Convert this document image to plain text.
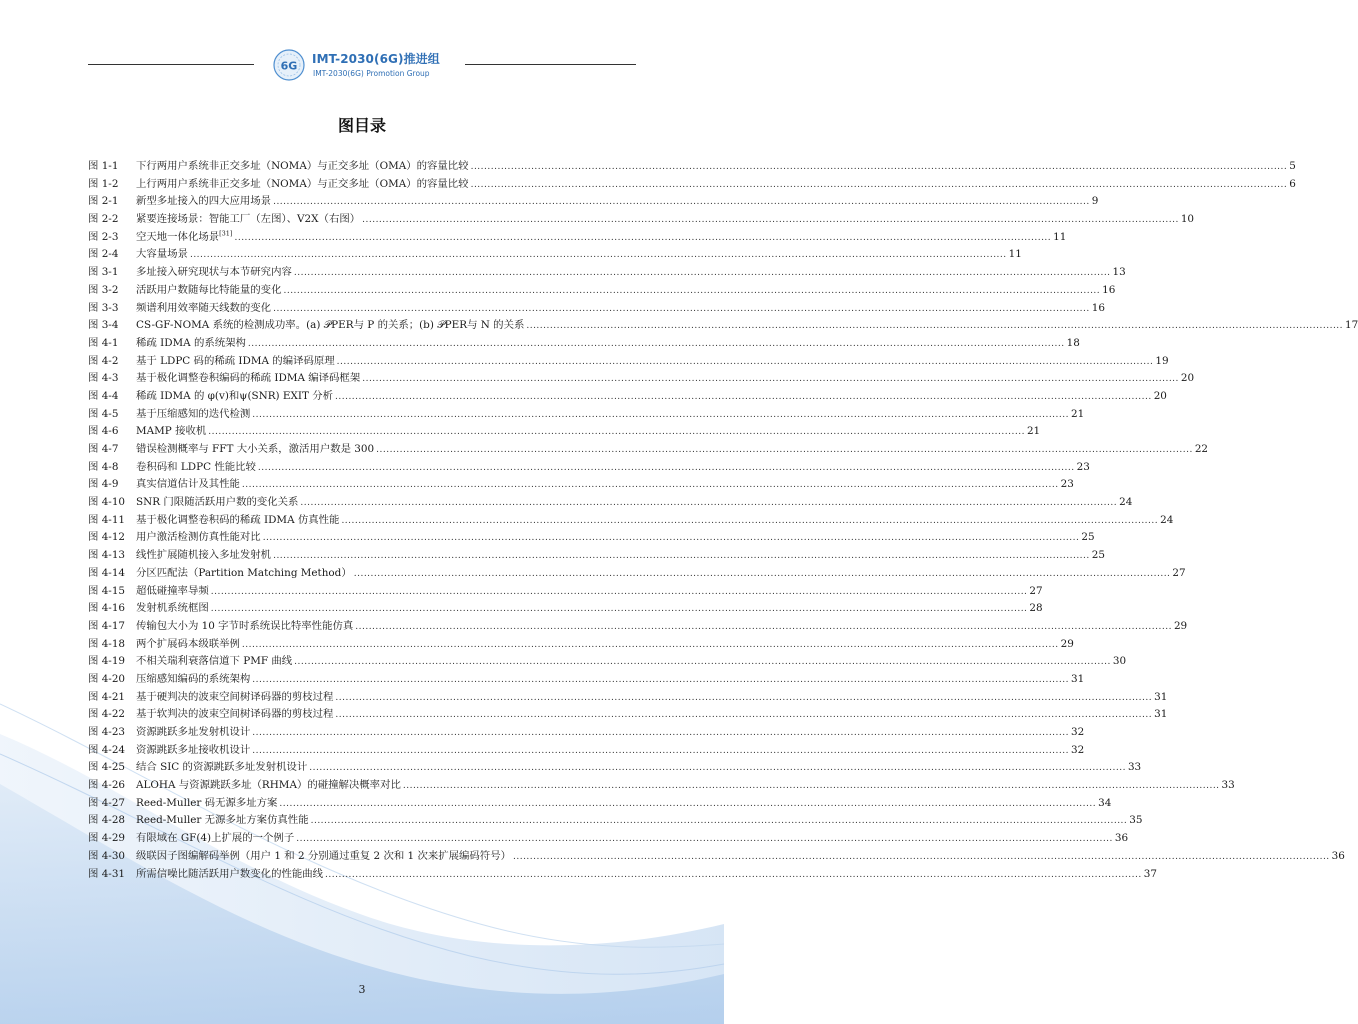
6G IMT-2030(6G)推进组
IMT-2030(6G) Promotion Group
图目录
图 1-1	下行两用户系统非正交多址（NOMA）与正交多址（OMA）的容量比较 .....	5
图 1-2	上行两用户系统非正交多址（NOMA）与正交多址（OMA）的容量比较 .....	6
图 2-1	新型多址接入的四大应用场景 .....	9
图 2-2	紧要连接场景：智能工厂（左图）、V2X（右图） .....	10
图 2-3	空天地一体化场景[31] .....	11
图 2-4	大容量场景 .....	11
图 3-1	多址接入研究现状与本节研究内容 .....	13
图 3-2	活跃用户数随每比特能量的变化 .....	16
图 3-3	频谱利用效率随天线数的变化 .....	16
图 3-4	CS-GF-NOMA 系统的检测成功率。(a) 𝒫PER与 P 的关系；(b) 𝒫PER与 N 的关系 .....	17
图 4-1	稀疏 IDMA 的系统架构 .....	18
图 4-2	基于 LDPC 码的稀疏 IDMA 的编译码原理 .....	19
图 4-3	基于极化调整卷积编码的稀疏 IDMA 编译码框架 .....	20
图 4-4	稀疏 IDMA 的 φ(v)和ψ(SNR) EXIT 分析 .....	20
图 4-5	基于压缩感知的迭代检测 .....	21
图 4-6	MAMP 接收机 .....	21
图 4-7	错误检测概率与 FFT 大小关系，激活用户数是 300 .....	22
图 4-8	卷积码和 LDPC 性能比较 .....	23
图 4-9	真实信道估计及其性能 .....	23
图 4-10	SNR 门限随活跃用户数的变化关系 .....	24
图 4-11	基于极化调整卷积码的稀疏 IDMA 仿真性能 .....	24
图 4-12	用户激活检测仿真性能对比 .....	25
图 4-13	线性扩展随机接入多址发射机 .....	25
图 4-14	分区匹配法（Partition Matching Method） .....	27
图 4-15	超低碰撞率导频 .....	27
图 4-16	发射机系统框图 .....	28
图 4-17	传输包大小为 10 字节时系统误比特率性能仿真 .....	29
图 4-18	两个扩展码本级联举例 .....	29
图 4-19	不相关瑞利衰落信道下 PMF 曲线 .....	30
图 4-20	压缩感知编码的系统架构 .....	31
图 4-21	基于硬判决的波束空间树译码器的剪枝过程 .....	31
图 4-22	基于软判决的波束空间树译码器的剪枝过程 .....	31
图 4-23	资源跳跃多址发射机设计 .....	32
图 4-24	资源跳跃多址接收机设计 .....	32
图 4-25	结合 SIC 的资源跳跃多址发射机设计 .....	33
图 4-26	ALOHA 与资源跳跃多址（RHMA）的碰撞解决概率对比 .....	33
图 4-27	Reed-Muller 码无源多址方案 .....	34
图 4-28	Reed-Muller 无源多址方案仿真性能 .....	35
图 4-29	有限域在 GF(4)上扩展的一个例子 .....	36
图 4-30	级联因子图编解码举例（用户 1 和 2 分别通过重复 2 次和 1 次来扩展编码符号） .....	36
图 4-31	所需信噪比随活跃用户数变化的性能曲线 .....	37
3
